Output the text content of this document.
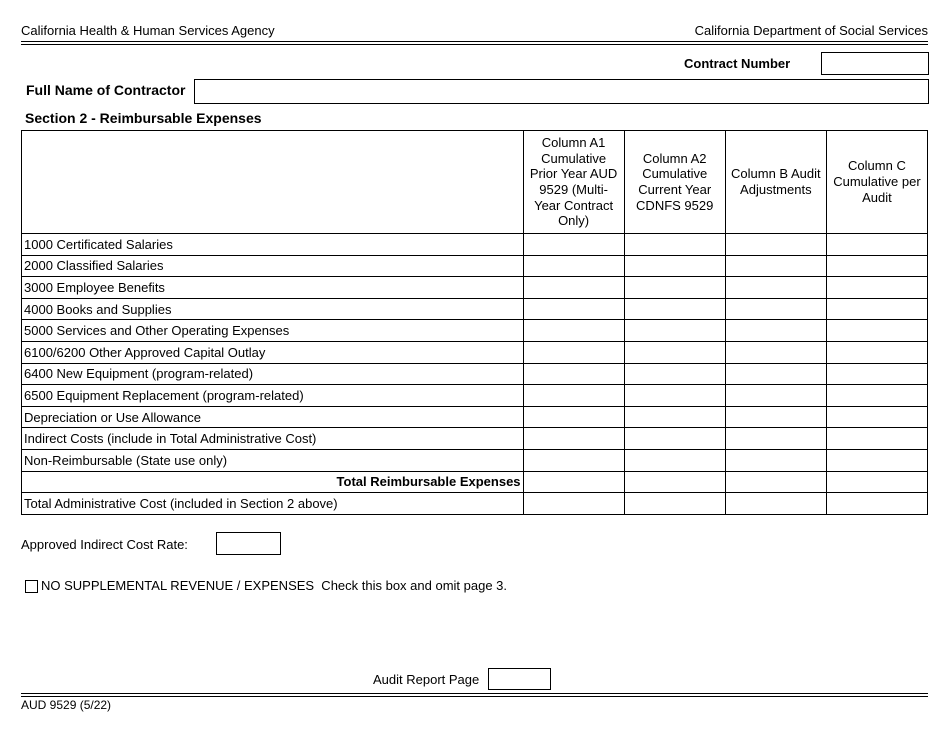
California Health & Human Services Agency	California Department of Social Services
Contract Number
Full Name of Contractor
Section 2 - Reimbursable Expenses
	Column A1 Cumulative Prior Year AUD 9529 (Multi-Year Contract Only)	Column A2 Cumulative Current Year CDNFS 9529	Column B Audit Adjustments	Column C Cumulative per Audit
1000 Certificated Salaries				
2000 Classified Salaries				
3000 Employee Benefits				
4000 Books and Supplies				
5000 Services and Other Operating Expenses				
6100/6200 Other Approved Capital Outlay				
6400 New Equipment (program-related)				
6500 Equipment Replacement (program-related)				
Depreciation or Use Allowance				
Indirect Costs (include in Total Administrative Cost)				
Non-Reimbursable (State use only)				
Total Reimbursable Expenses				
Total Administrative Cost (included in Section 2 above)				
Approved Indirect Cost Rate:
NO SUPPLEMENTAL REVENUE / EXPENSES  Check this box and omit page 3.
Audit Report Page
AUD 9529 (5/22)
